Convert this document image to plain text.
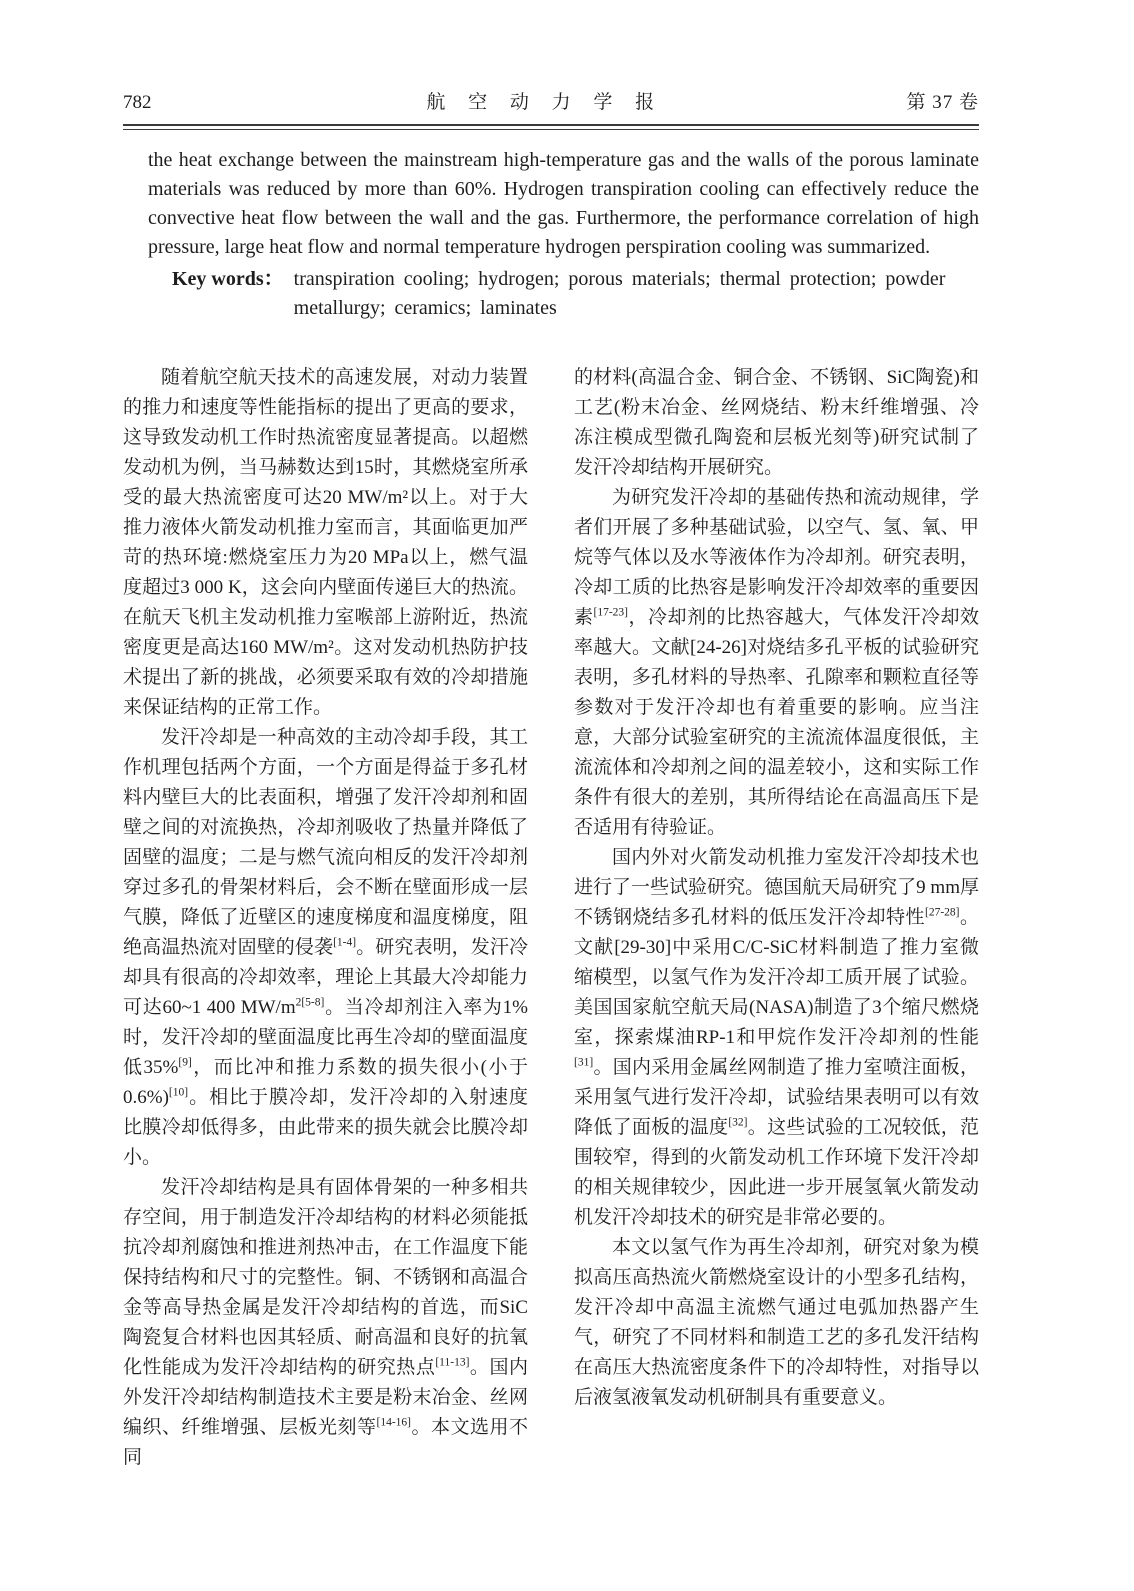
782	航 空 动 力 学 报	第 37 卷

the heat exchange between the mainstream high-temperature gas and the walls of the porous laminate materials was reduced by more than 60%. Hydrogen transpiration cooling can effectively reduce the convective heat flow between the wall and the gas. Furthermore, the performance correlation of high pressure, large heat flow and normal temperature hydrogen perspiration cooling was summarized.

Key words： transpiration cooling; hydrogen; porous materials; thermal protection; powder metallurgy; ceramics; laminates

随着航空航天技术的高速发展，对动力装置的推力和速度等性能指标的提出了更高的要求，这导致发动机工作时热流密度显著提高。以超燃发动机为例，当马赫数达到15时，其燃烧室所承受的最大热流密度可达20 MW/m²以上。对于大推力液体火箭发动机推力室而言，其面临更加严苛的热环境:燃烧室压力为20 MPa以上，燃气温度超过3 000 K，这会向内壁面传递巨大的热流。在航天飞机主发动机推力室喉部上游附近，热流密度更是高达160 MW/m²。这对发动机热防护技术提出了新的挑战，必须要采取有效的冷却措施来保证结构的正常工作。

发汗冷却是一种高效的主动冷却手段，其工作机理包括两个方面，一个方面是得益于多孔材料内壁巨大的比表面积，增强了发汗冷却剂和固壁之间的对流换热，冷却剂吸收了热量并降低了固壁的温度；二是与燃气流向相反的发汗冷却剂穿过多孔的骨架材料后，会不断在壁面形成一层气膜，降低了近壁区的速度梯度和温度梯度，阻绝高温热流对固壁的侵袭[1-4]。研究表明，发汗冷却具有很高的冷却效率，理论上其最大冷却能力可达60~1 400 MW/m$^{2[5-8]}$。当冷却剂注入率为1%时，发汗冷却的壁面温度比再生冷却的壁面温度低35%[9]，而比冲和推力系数的损失很小(小于0.6%)[10]。相比于膜冷却，发汗冷却的入射速度比膜冷却低得多，由此带来的损失就会比膜冷却小。

发汗冷却结构是具有固体骨架的一种多相共存空间，用于制造发汗冷却结构的材料必须能抵抗冷却剂腐蚀和推进剂热冲击，在工作温度下能保持结构和尺寸的完整性。铜、不锈钢和高温合金等高导热金属是发汗冷却结构的首选，而SiC陶瓷复合材料也因其轻质、耐高温和良好的抗氧化性能成为发汗冷却结构的研究热点[11-13]。国内外发汗冷却结构制造技术主要是粉末冶金、丝网编织、纤维增强、层板光刻等[14-16]。本文选用不同

的材料(高温合金、铜合金、不锈钢、SiC陶瓷)和工艺(粉末冶金、丝网烧结、粉末纤维增强、冷冻注模成型微孔陶瓷和层板光刻等)研究试制了发汗冷却结构开展研究。

为研究发汗冷却的基础传热和流动规律，学者们开展了多种基础试验，以空气、氢、氧、甲烷等气体以及水等液体作为冷却剂。研究表明，冷却工质的比热容是影响发汗冷却效率的重要因素[17-23]，冷却剂的比热容越大，气体发汗冷却效率越大。文献[24-26]对烧结多孔平板的试验研究表明，多孔材料的导热率、孔隙率和颗粒直径等参数对于发汗冷却也有着重要的影响。应当注意，大部分试验室研究的主流流体温度很低，主流流体和冷却剂之间的温差较小，这和实际工作条件有很大的差别，其所得结论在高温高压下是否适用有待验证。

国内外对火箭发动机推力室发汗冷却技术也进行了一些试验研究。德国航天局研究了9 mm厚不锈钢烧结多孔材料的低压发汗冷却特性[27-28]。文献[29-30]中采用C/C-SiC材料制造了推力室微缩模型，以氢气作为发汗冷却工质开展了试验。美国国家航空航天局(NASA)制造了3个缩尺燃烧室，探索煤油RP-1和甲烷作发汗冷却剂的性能[31]。国内采用金属丝网制造了推力室喷注面板，采用氢气进行发汗冷却，试验结果表明可以有效降低了面板的温度[32]。这些试验的工况较低，范围较窄，得到的火箭发动机工作环境下发汗冷却的相关规律较少，因此进一步开展氢氧火箭发动机发汗冷却技术的研究是非常必要的。

本文以氢气作为再生冷却剂，研究对象为模拟高压高热流火箭燃烧室设计的小型多孔结构，发汗冷却中高温主流燃气通过电弧加热器产生气，研究了不同材料和制造工艺的多孔发汗结构在高压大热流密度条件下的冷却特性，对指导以后液氢液氧发动机研制具有重要意义。
